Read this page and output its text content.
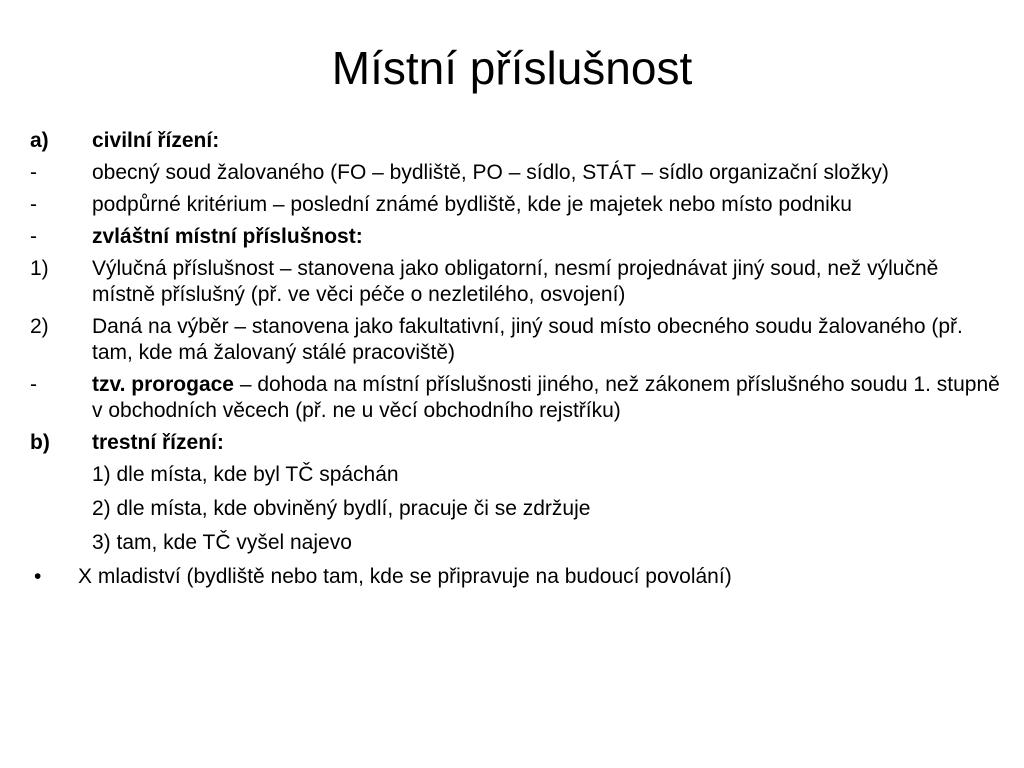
Místní příslušnost
a)	civilní řízení:
-	obecný soud žalovaného (FO – bydliště, PO – sídlo, STÁT – sídlo organizační složky)
-	podpůrné kritérium – poslední známé bydliště, kde je majetek nebo místo podniku
-	zvláštní místní příslušnost:
1)	Výlučná příslušnost – stanovena jako obligatorní, nesmí projednávat jiný soud, než výlučně místně příslušný (př. ve věci péče o nezletilého, osvojení)
2)	Daná na výběr – stanovena jako fakultativní, jiný soud místo obecného soudu žalovaného (př. tam, kde má žalovaný stálé pracoviště)
-	tzv. prorogace – dohoda na místní příslušnosti jiného, než zákonem příslušného soudu 1. stupně v obchodních věcech (př. ne u věcí obchodního rejstříku)
b)	trestní řízení:
1) dle místa, kde byl TČ spáchán
2) dle místa, kde obviněný bydlí, pracuje či se zdržuje
3) tam, kde TČ vyšel najevo
•	X mladiství (bydliště nebo tam, kde se připravuje na budoucí povolání)
